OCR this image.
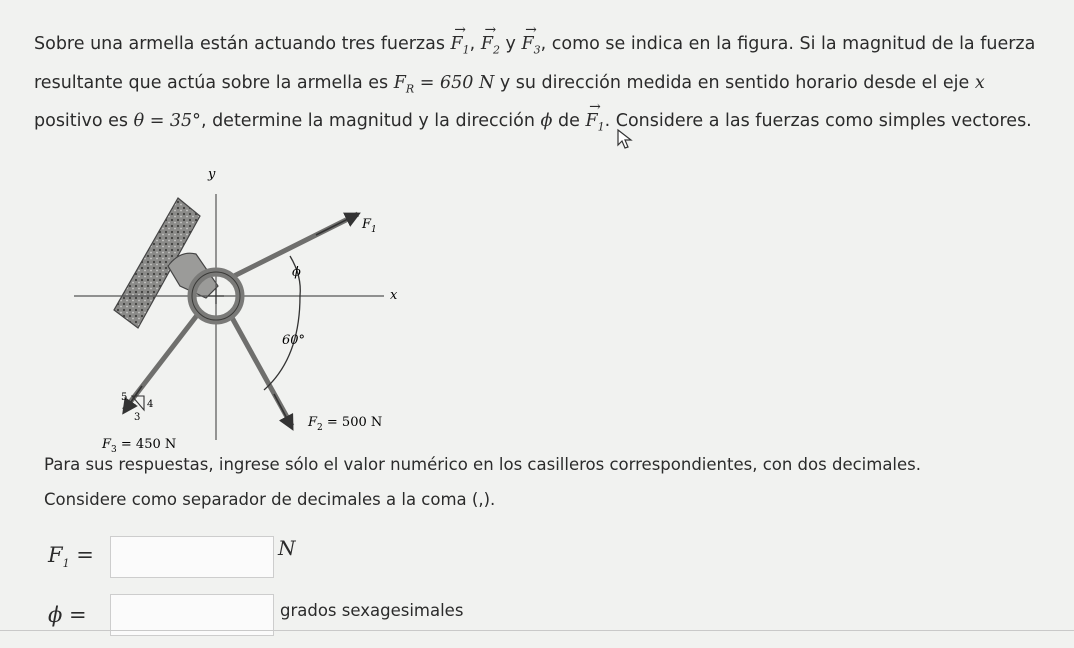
Sobre una armella están actuando tres fuerzas → $F_1$, → $F_2$ $y \to F_3$, como se indica en la figura. Si la magnitud de la fuerza resultante que actúa sobre la armella es $F_R = 650$ N y su dirección medida en sentido horario desde el eje x positivo es θ = 35°, determine la magnitud y la dirección ϕ de → $F_1$. Considere a las fuerzas como simples vectores.
y
x
$F_1$
ϕ
60°
$F_2 = 500$ N
$F_3 = 450$ N
5
4
3
Para sus respuestas, ingrese sólo el valor numérico en los casilleros correspondientes, con dos decimales.
Considere como separador de decimales a la coma (,).
$F_1$ =	N
ϕ =	grados sexagesimales
